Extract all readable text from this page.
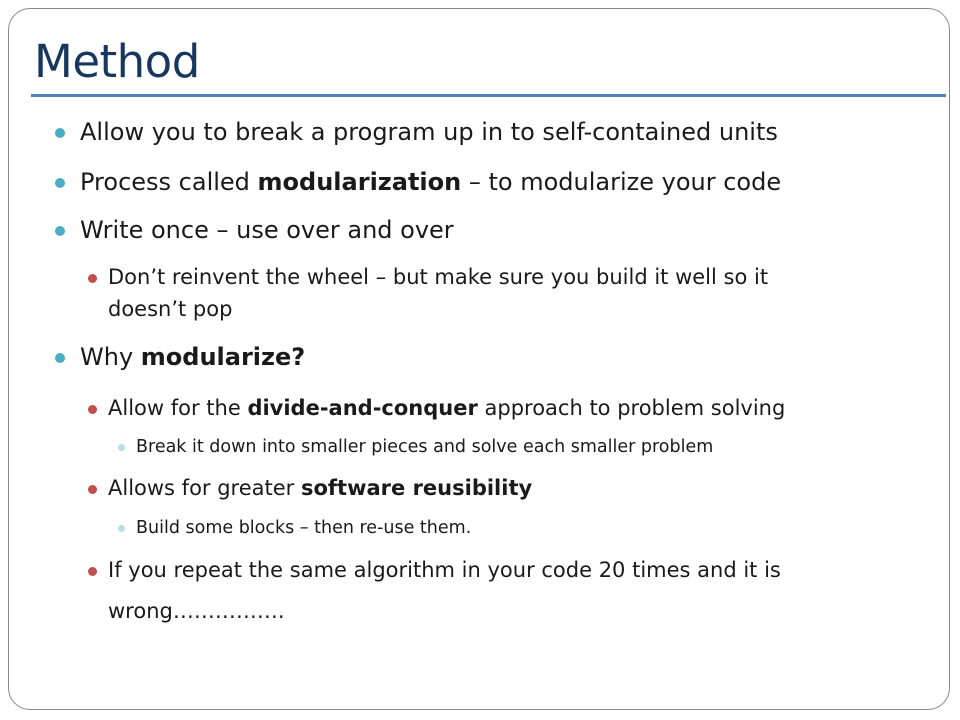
Method
Allow you to break a program up in to self-contained units
Process called modularization – to modularize your code
Write once – use over and over
Don’t reinvent the wheel – but make sure you build it well so it
doesn’t pop
Why modularize?
Allow for the divide-and-conquer approach to problem solving
Break it down into smaller pieces and solve each smaller problem
Allows for greater software reusibility
Build some blocks – then re-use them.
If you repeat the same algorithm in your code 20 times and it is
wrong…………….
